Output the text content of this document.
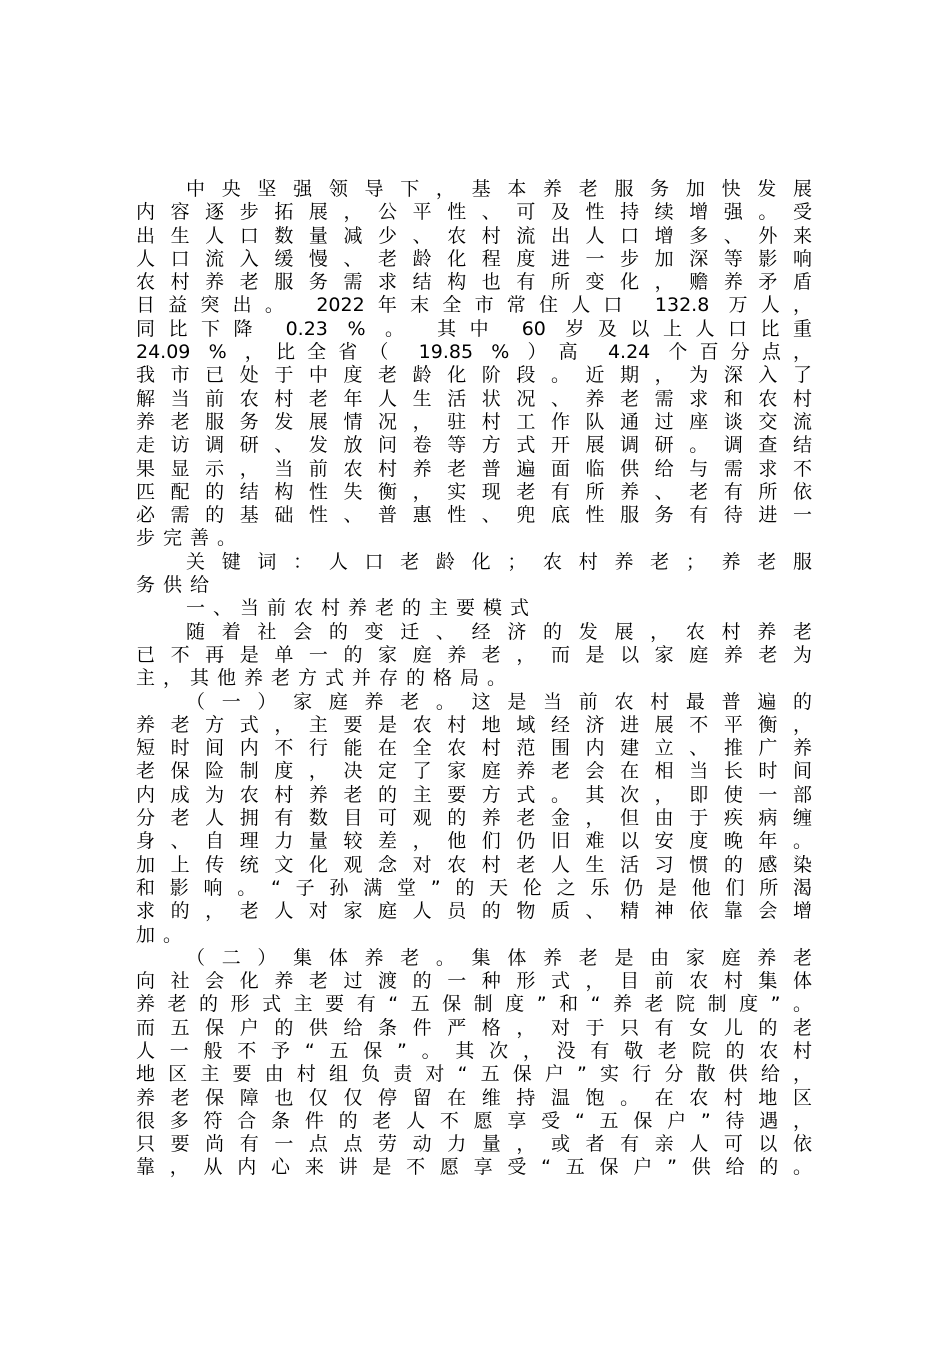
中央坚强领导下，基本养老服务加快发展
内容逐步拓展，公平性、可及性持续增强。受
出生人口数量减少、农村流出人口增多、外来
人口流入缓慢、老龄化程度进一步加深等影响
农村养老服务需求结构也有所变化，赡养矛盾
日益突出。 2022年末全市常住人口 132.8 万人，
同比下降 0.23 % 。 其中 60 岁及以上人口比重
24.09 % ，比全省（ 19.85 % ）高 4.24 个百分点，
我市已处于中度老龄化阶段。近期，为深入了
解当前农村老年人生活状况、养老需求和农村
养老服务发展情况，驻村工作队通过座谈交流
走访调研、发放问卷等方式开展调研。调查结
果显示，当前农村养老普遍面临供给与需求不
匹配的结构性失衡，实现老有所养、老有所依
必需的基础性、普惠性、兜底性服务有待进一
步完善。
关键词：人口老龄化；农村养老；养老服
务供给
一、当前农村养老的主要模式
随着社会的变迁、经济的发展，农村养老
已不再是单一的家庭养老，而是以家庭养老为
主，其他养老方式并存的格局。
（一）家庭养老。这是当前农村最普遍的
养老方式，主要是农村地域经济进展不平衡，
短时间内不行能在全农村范围内建立、推广养
老保险制度，决定了家庭养老会在相当长时间
内成为农村养老的主要方式。其次，即使一部
分老人拥有数目可观的养老金，但由于疾病缠
身、自理力量较差，他们仍旧难以安度晚年。
加上传统文化观念对农村老人生活习惯的感染
和影响。“子孙满堂”的天伦之乐仍是他们所渴
求的，老人对家庭人员的物质、精神依靠会增
加。
（二）集体养老。集体养老是由家庭养老
向社会化养老过渡的一种形式，目前农村集体
养老的形式主要有“五保制度”和“养老院制度”。
而五保户的供给条件严格，对于只有女儿的老
人一般不予“五保”。其次，没有敬老院的农村
地区主要由村组负责对“五保户”实行分散供给，
养老保障也仅仅停留在维持温饱。在农村地区
很多符合条件的老人不愿享受“五保户”待遇，
只要尚有一点点劳动力量，或者有亲人可以依
靠，从内心来讲是不愿享受“五保户”供给的。
